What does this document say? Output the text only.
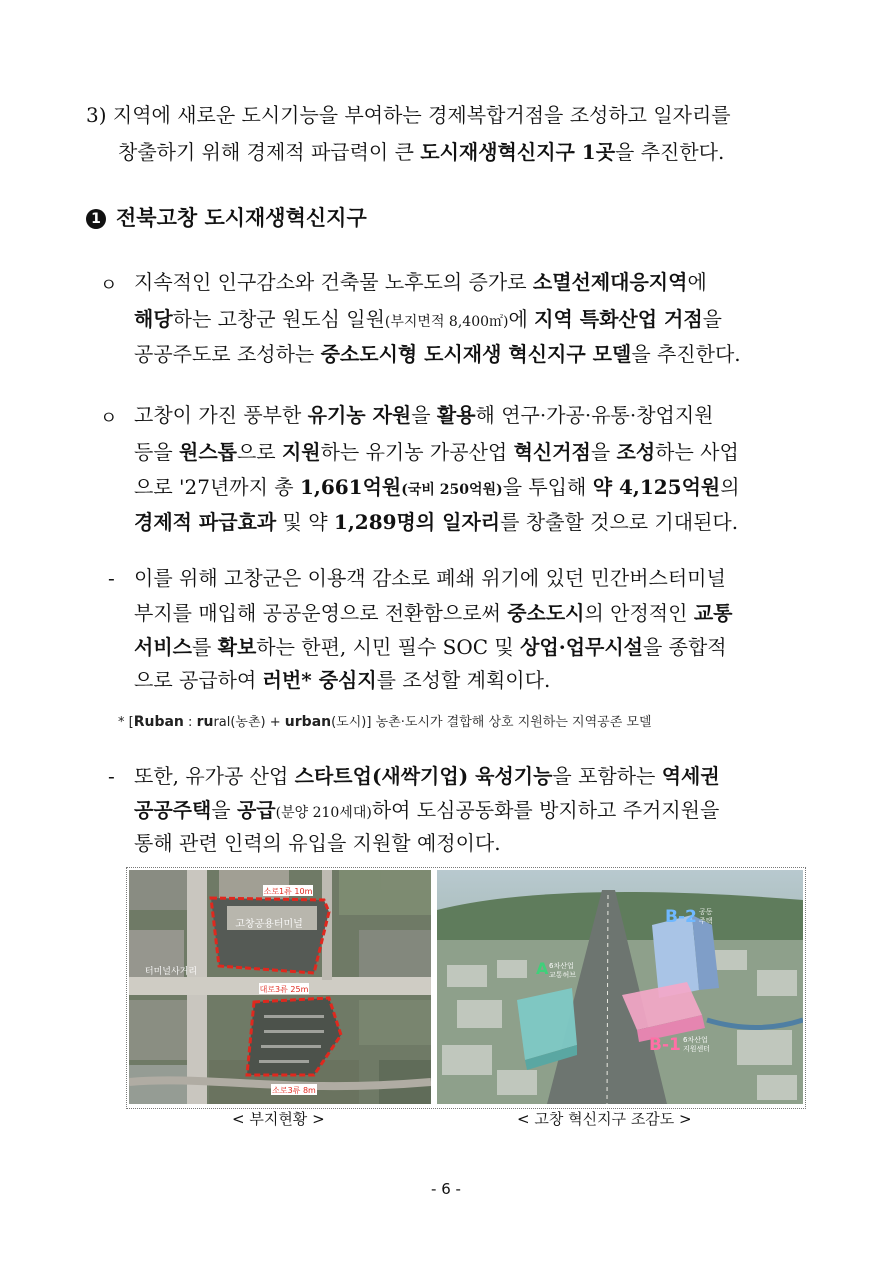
3) 지역에 새로운 도시기능을 부여하는 경제복합거점을 조성하고 일자리를
창출하기 위해 경제적 파급력이 큰 도시재생혁신지구 1곳을 추진한다.
1 전북고창 도시재생혁신지구
ㅇ 지속적인 인구감소와 건축물 노후도의 증가로 소멸선제대응지역에
해당하는 고창군 원도심 일원(부지면적 8,400㎡)에 지역 특화산업 거점을
공공주도로 조성하는 중소도시형 도시재생 혁신지구 모델을 추진한다.
ㅇ 고창이 가진 풍부한 유기농 자원을 활용해 연구·가공·유통·창업지원
등을 원스톱으로 지원하는 유기농 가공산업 혁신거점을 조성하는 사업
으로 '27년까지 총 1,661억원(국비 250억원)을 투입해 약 4,125억원의
경제적 파급효과 및 약 1,289명의 일자리를 창출할 것으로 기대된다.
- 이를 위해 고창군은 이용객 감소로 폐쇄 위기에 있던 민간버스터미널
부지를 매입해 공공운영으로 전환함으로써 중소도시의 안정적인 교통
서비스를 확보하는 한편, 시민 필수 SOC 및 상업·업무시설을 종합적
으로 공급하여 러번* 중심지를 조성할 계획이다.
* [Ruban : rural(농촌) + urban(도시)] 농촌·도시가 결합해 상호 지원하는 지역공존 모델
- 또한, 유가공 산업 스타트업(새싹기업) 육성기능을 포함하는 역세권
공공주택을 공급(분양 210세대)하여 도심공동화를 방지하고 주거지원을
통해 관련 인력의 유입을 지원할 예정이다.
소로1류 10m
대로3류 25m
소로3류 8m
고창공용터미널
터미널사거리	A 6차산업
교통허브
B-2 공동
주택
B-1 6차산업
지원센터
< 부지현황 >	< 고창 혁신지구 조감도 >
- 6 -
